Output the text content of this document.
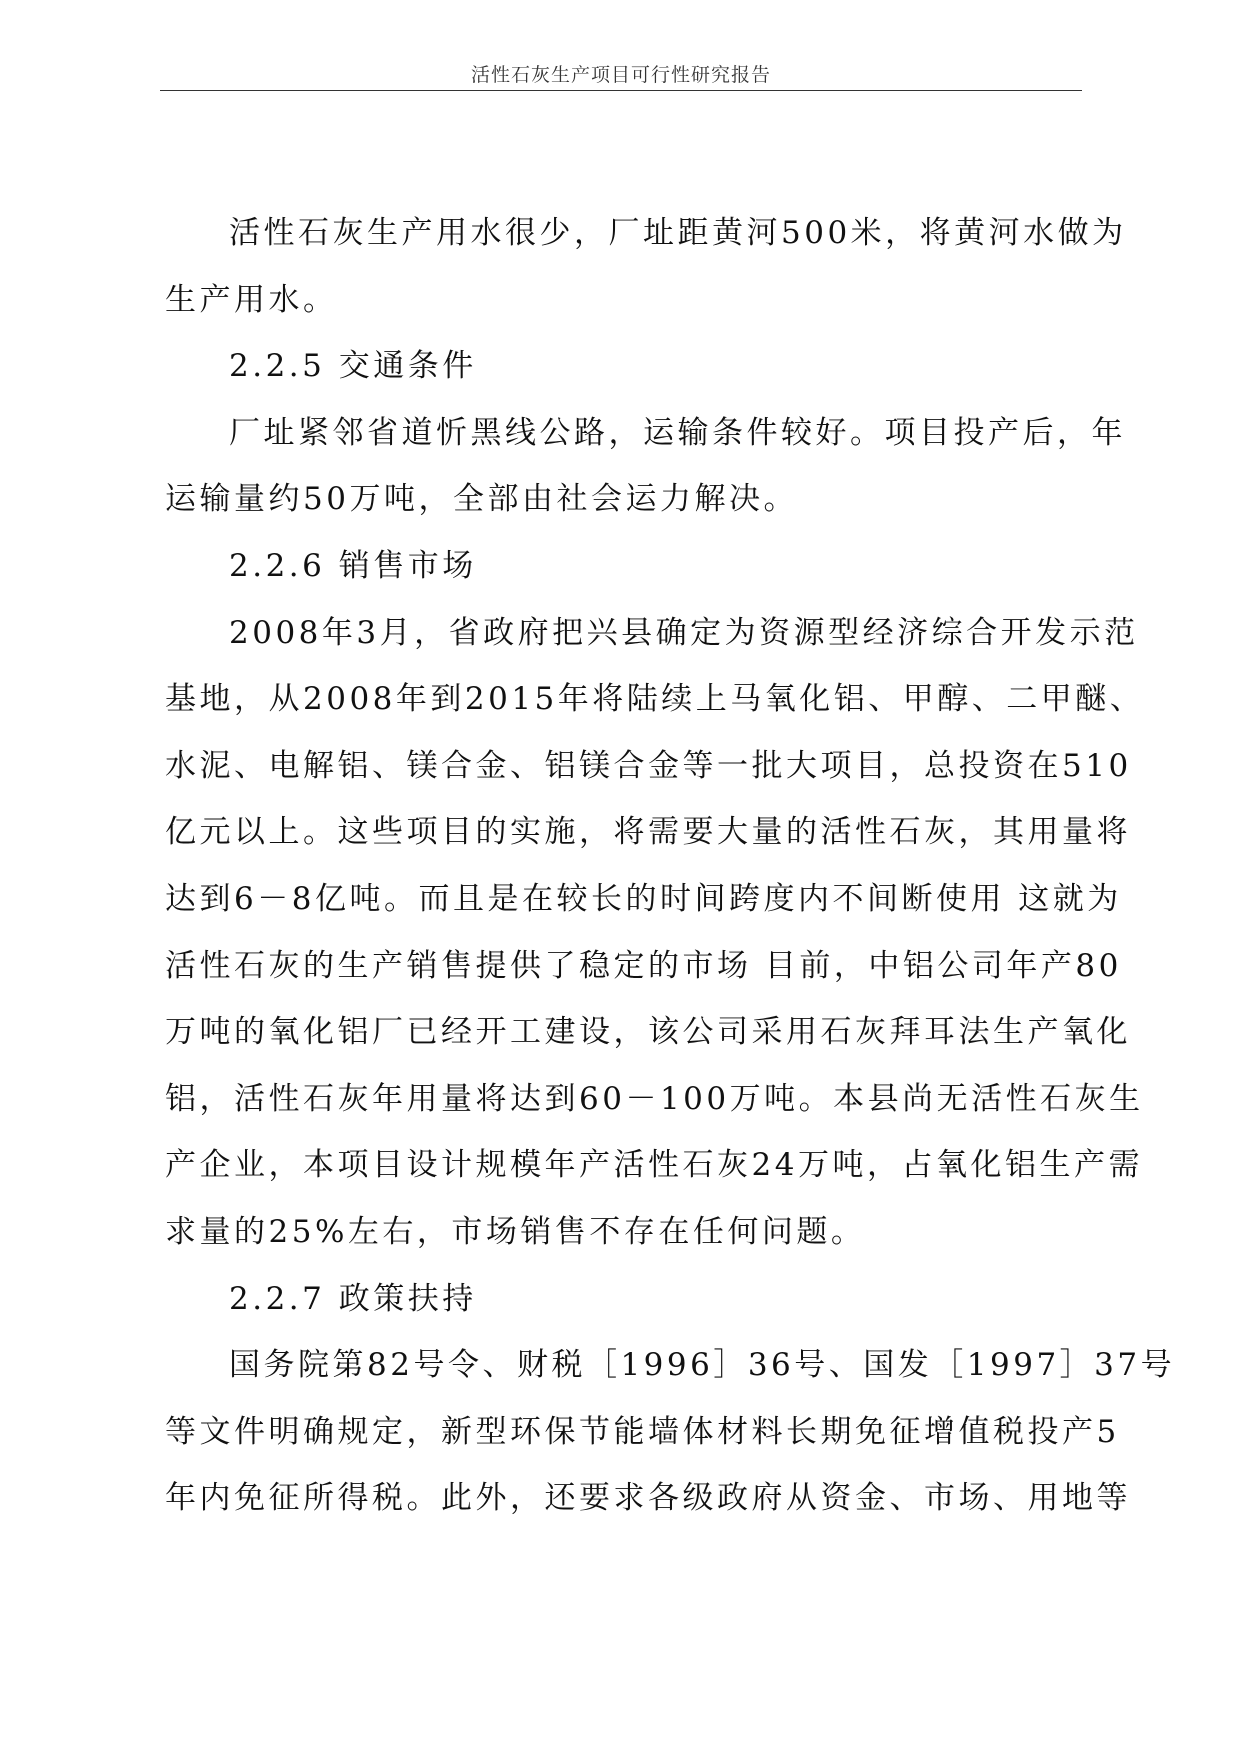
活性石灰生产项目可行性研究报告
活性石灰生产用水很少，厂址距黄河500米，将黄河水做为
生产用水。
2.2.5 交通条件
厂址紧邻省道忻黑线公路，运输条件较好。项目投产后，年
运输量约50万吨，全部由社会运力解决。
2.2.6 销售市场
2008年3月，省政府把兴县确定为资源型经济综合开发示范
基地，从2008年到2015年将陆续上马氧化铝、甲醇、二甲醚、
水泥、电解铝、镁合金、铝镁合金等一批大项目，总投资在510
亿元以上。这些项目的实施，将需要大量的活性石灰，其用量将
达到6－8亿吨。而且是在较长的时间跨度内不间断使用 这就为
活性石灰的生产销售提供了稳定的市场 目前，中铝公司年产80
万吨的氧化铝厂已经开工建设，该公司采用石灰拜耳法生产氧化
铝，活性石灰年用量将达到60－100万吨。本县尚无活性石灰生
产企业，本项目设计规模年产活性石灰24万吨，占氧化铝生产需
求量的25%左右，市场销售不存在任何问题。
2.2.7 政策扶持
国务院第82号令、财税［1996］36号、国发［1997］37号
等文件明确规定，新型环保节能墙体材料长期免征增值税投产5
年内免征所得税。此外，还要求各级政府从资金、市场、用地等
